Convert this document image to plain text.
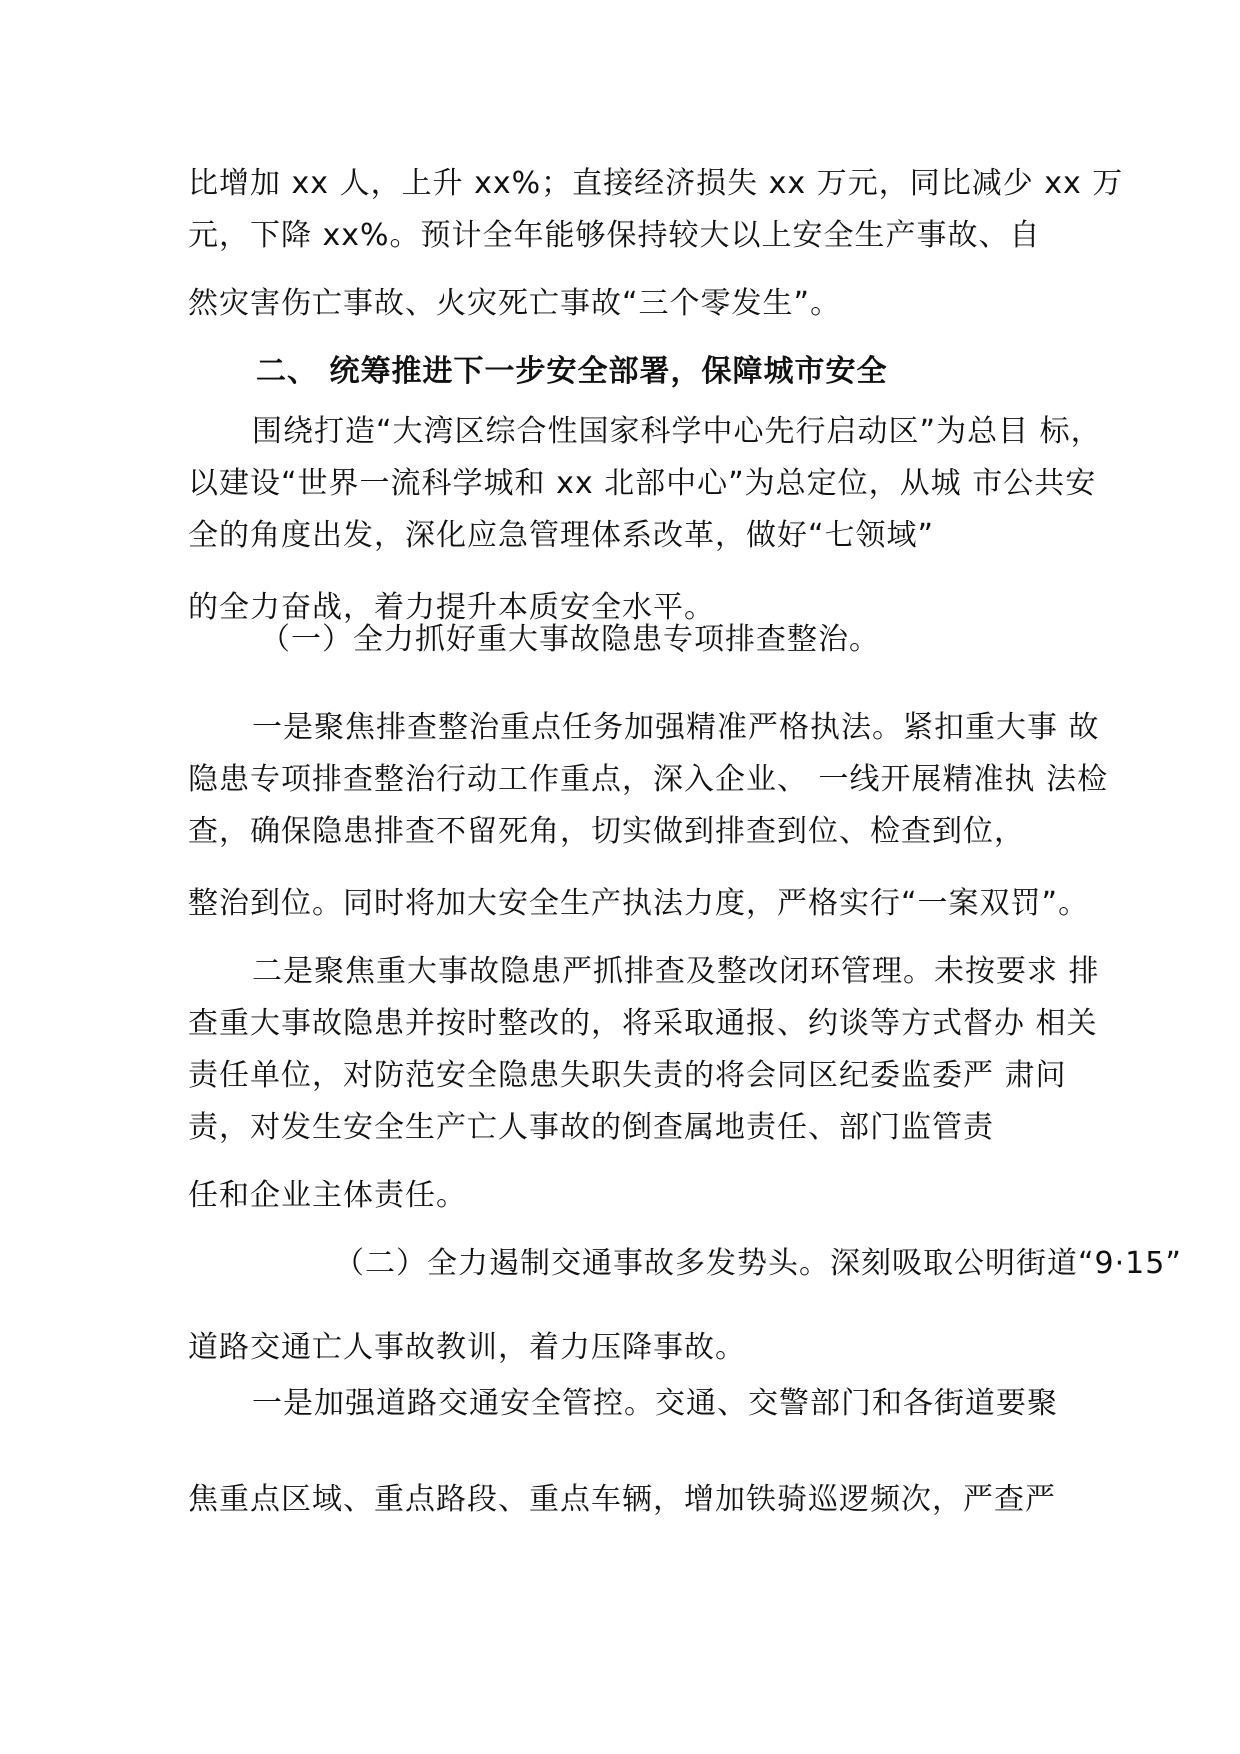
比增加 xx 人，上升 xx%；直接经济损失 xx 万元，同比减少 xx 万
元，下降 xx%。预计全年能够保持较大以上安全生产事故、自
然灾害伤亡事故、火灾死亡事故“三个零发生”。
二、 统筹推进下一步安全部署，保障城市安全
围绕打造“大湾区综合性国家科学中心先行启动区”为总目 标，
以建设“世界一流科学城和 xx 北部中心”为总定位，从城 市公共安
全的角度出发，深化应急管理体系改革，做好“七领域”
的全力奋战，着力提升本质安全水平。
（一）全力抓好重大事故隐患专项排查整治。
一是聚焦排查整治重点任务加强精准严格执法。紧扣重大事 故
隐患专项排查整治行动工作重点，深入企业、 一线开展精准执 法检
查，确保隐患排查不留死角，切实做到排查到位、检查到位，
整治到位。同时将加大安全生产执法力度，严格实行“一案双罚”。
二是聚焦重大事故隐患严抓排查及整改闭环管理。未按要求 排
查重大事故隐患并按时整改的，将采取通报、约谈等方式督办 相关
责任单位，对防范安全隐患失职失责的将会同区纪委监委严 肃问
责，对发生安全生产亡人事故的倒查属地责任、部门监管责
任和企业主体责任。
（二）全力遏制交通事故多发势头。深刻吸取公明街道“9·15”
道路交通亡人事故教训，着力压降事故。
一是加强道路交通安全管控。交通、交警部门和各街道要聚
焦重点区域、重点路段、重点车辆，增加铁骑巡逻频次，严查严
